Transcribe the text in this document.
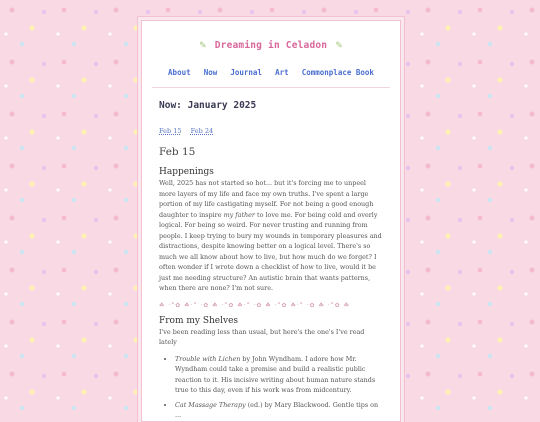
✎ Dreaming in Celadon ✎
About Now Journal Art Commonplace Book
Now: January 2025
Feb 15 Feb 24
Feb 15
Happenings

Well, 2025 has not started so hot... but it's forcing me to unpeel more layers of my life and face my own truths. I've spent a large portion of my life castigating myself. For not being a good enough daughter to inspire my father to love me. For being cold and overly logical. For being so weird. For never trusting and running from people. I keep trying to bury my wounds in temporary pleasures and distractions, despite knowing better on a logical level. There's so much we all know about how to live, but how much do we forget? I often wonder if I wrote down a checklist of how to live, would it be just me needing structure? An autistic brain that wants patterns, when there are none? I'm not sure.

☘ ·°✿ ☘·° ·✿ ☘ ·°✿ ☘·° ·✿ ☘ ·°✿ ☘·° ·✿ ☘ ·°✿ ☘
From my Shelves

I've been reading less than usual, but here's the one's I've read lately

• Trouble with Lichen by John Wyndham. I adore how Mr. Wyndham could take a premise and build a realistic public reaction to it. His incisive writing about human nature stands true to this day, even if his work was from midcentury.
• Cat Massage Therapy (ed.) by Mary Blackwood. Gentle tips on ...
